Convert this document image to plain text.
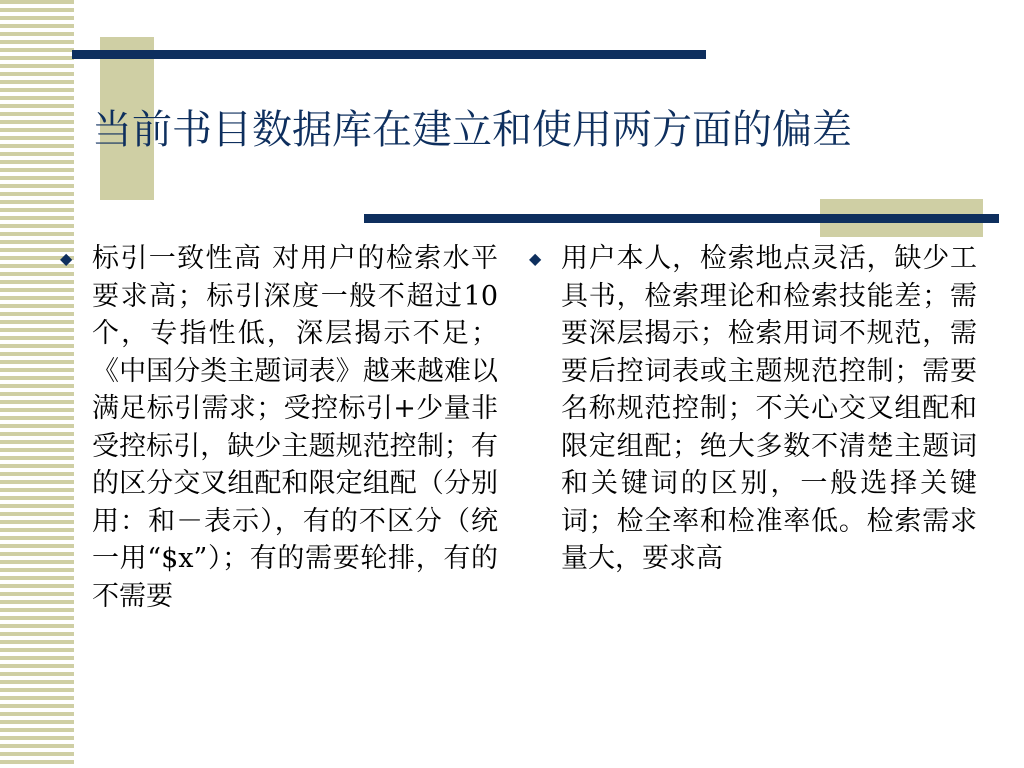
当前书目数据库在建立和使用两方面的偏差
◆ 标引一致性高 对用户的检索水平要求高；标引深度一般不超过10个，专指性低，深层揭示不足；《中国分类主题词表》越来越难以满足标引需求；受控标引+少量非受控标引，缺少主题规范控制；有的区分交叉组配和限定组配（分别用：和－表示），有的不区分（统一用“$x”）；有的需要轮排，有的不需要
◆ 用户本人，检索地点灵活，缺少工具书，检索理论和检索技能差；需要深层揭示；检索用词不规范，需要后控词表或主题规范控制；需要名称规范控制；不关心交叉组配和限定组配；绝大多数不清楚主题词和关键词的区别，一般选择关键词；检全率和检准率低。检索需求量大，要求高
